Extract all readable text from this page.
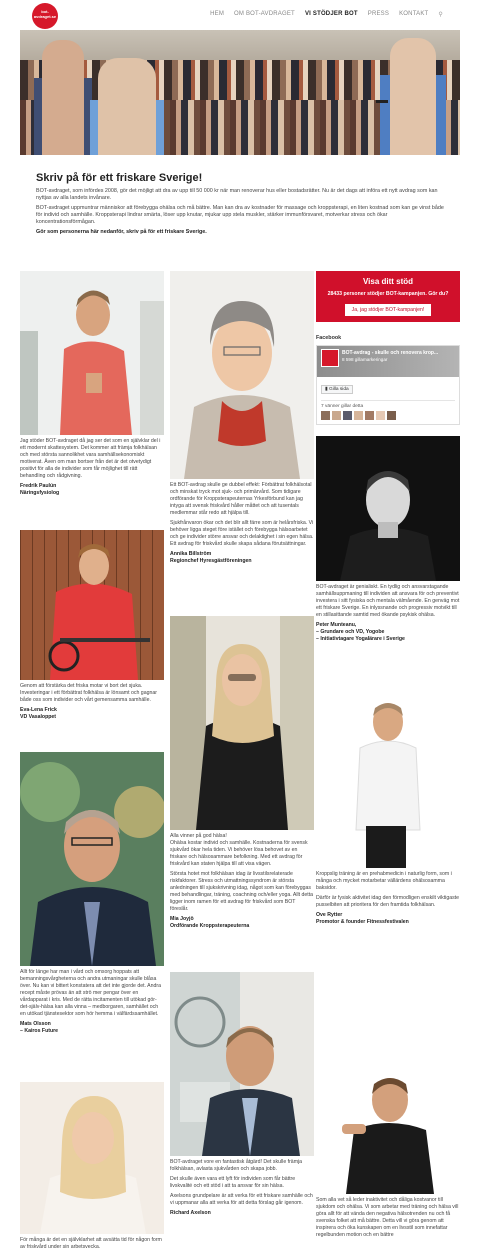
bot-avdraget.se	HEM OM BOT-AVDRAGET VI STÖDJER BOT PRESS KONTAKT ⚲
Skriv på för ett friskare Sverige!

BOT-avdraget, som infördes 2008, gör det möjligt att dra av upp till 50 000 kr när man renoverar hus eller bostadsrätter. Nu är det dags att införa ett nytt avdrag som kan nyttjas av alla landets invånare.

BOT-avdraget uppmuntrar människor att förebygga ohälsa och må bättre. Man kan dra av kostnader för massage och kroppsterapi, en liten kostnad som kan ge vinst både för individ och samhälle. Kroppsterapi lindrar smärta, löser upp knutar, mjukar upp stela muskler, stärker immunförsvaret, motverkar stress och ökar koncentrationsförmågan.

Gör som personerna här nedanför, skriv på för ett friskare Sverige.

Jag stöder BOT-avdraget då jag ser det som en självklar del i ett modernt skattesystem. Det kommer att främja folkhälsan och med största sannolikhet vara samhällsekonomiskt motiverat. Även om man bortser från det är det otvetydigt positivt för alla de individer som får möjlighet till rätt behandling och rådgivning.

Fredrik Paulún
Näringsfysiolog

Genom att förstärka det friska motar vi bort det sjuka. Investeringar i ett förbättrat folkhälsa är lönsamt och gagnar både oss som individer och vårt gemensamma samhälle.

Eva-Lena Frick
VD Vasaloppet

Allt för länge har man i vård och omsorg hoppats att bemanningsvårgheterna och andra utmaningar skulle blåsa över. Nu kan vi bittert konstatera att det inte gjorde det. Andra recept måste prövas än att strö mer pengar över en vårdapparat i kris. Med de rätta incitamenten till utökad gör-det-själv-hälsa kan alla vinna – medborgaren, samhället och en utökad tjänstesektor som hör hemma i välfärdssamhället.

Mats Olsson
– Kairos Future

För många är det en självklarhet att avsätta tid för någon form av friskvård under sin arbetsvecka.

Ett BOT-avdrag skulle ge dubbel effekt: Förbättrat folkhälsotal och minskat tryck mot sjuk- och primärvård. Som tidigare ordförande för Kroppsterapeuternas Yrkesförbund kan jag intyga att svensk friskvård håller måttet och att tusentals medlemmar står redo att hjälpa till.

Sjukfrånvaron ökar och det blir allt färre som är helårsfriska. Vi behöver ligga steget före istället och förebygga hälsoarbetet och ge individer större ansvar och delaktighet i sin egen hälsa. Ett avdrag för friskvård skulle skapa sådana förutsättningar.

Annika Billström
Regionchef Hyresgästföreningen

Alla vinner på god hälsa!

Ohälsa kostar individ och samhälle. Kostnaderna för svensk sjukvård ökar hela tiden. Vi behöver lösa behovet av en friskare och hälsosammare befolkning. Med ett avdrag för friskvård kan staten hjälpa till att visa vägen.

Största hotet mot folkhälsan idag är livsstilsrelaterade riskfaktorer. Stress och utmattningssyndrom är största anledningen till sjukskrivning idag, något som kan förebyggas med behandlingar, träning, coachning och/eller yoga. Allt detta ligger inom ramen för ett avdrag för friskvård som BOT föreslår.

Mia Joyjö
Ordförande Kroppsterapeuterna

BOT-avdraget vore en fantastisk åtgärd! Det skulle främja folkhälsan, avlasta sjukvården och skapa jobb.

Det skulle även vara ett lyft för individen som får bättre livskvalité och ett stöd i att ta ansvar för sin hälsa.

Axelsons grundpelare är att verka för ett friskare samhälle och vi uppmanar alla att verka för att detta förslag går igenom.

Richard Axelson
Visa ditt stöd
28433 personer stödjer BOT-kampanjen. Gör du?
Ja, jag stödjer BOT-kampanjen!
Facebook
BOT-avdrag - skulle och renovera krop...
8 598 gillamarkeringar
▮ Gilla sida
7 vänner gillar detta

BOT-avdraget är genialiskt. En tydlig och ansvarstagande samhällsuppmaning till individen att ansvara för och preventivt investera i sitt fysiska och mentala välmående. En genväg mot ett friskare Sverige. En inlyssnande och progressiv motvikt till en stillasittande samtid med ökande psykisk ohälsa.

Peter Munteanu,
– Grundare och VD, Yogobe
– Initiativtagare Yogalärare i Sverige

Kroppslig träning är en prehabmedicin i naturlig form, som i många och mycket motarbetar vällärdens ohälsosamma baksidor.

Därför är fysisk aktivitet idag den förmodligen enskilt viktigaste pusselbiten att prioritera för den framtida folkhälsan.

Ove Rytter
Promotor & founder Fitnessfestivalen

Som alla vet så leder inaktivitet och dåliga kostvanor till sjukdom och ohälsa. Vi som arbetar med träning och hälsa vill göra allt för att vända den negativa hälsotrenden nu och få svenska folket att må bättre. Detta vill vi göra genom att inspirera och öka kunskapen om en livsstil som innefattar regelbunden motion och en bättre
